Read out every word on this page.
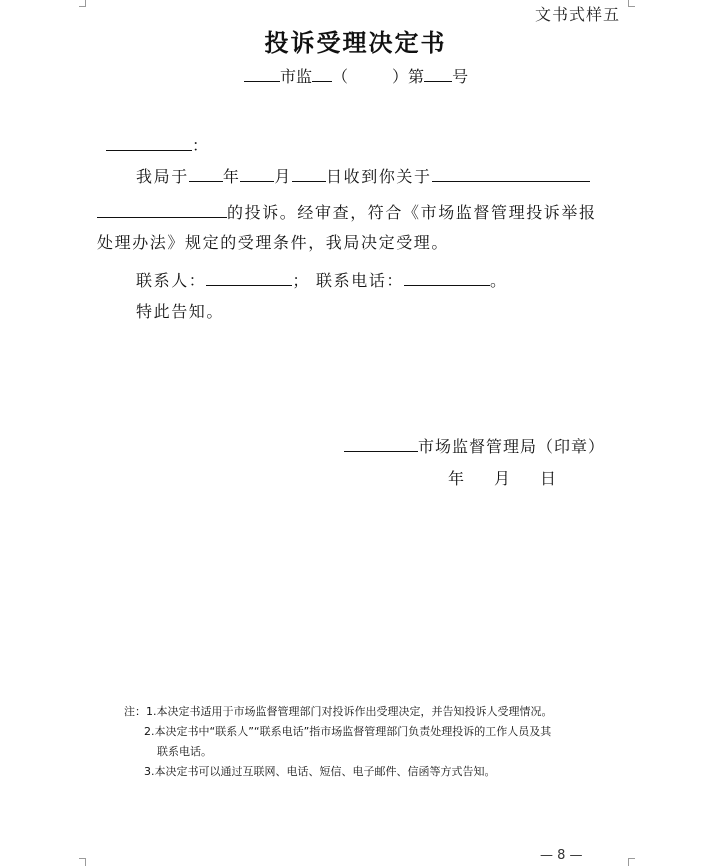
文书式样五
投诉受理决定书
市监 （	）第 号
：
我局于 年 月 日收到你关于
的投诉。经审查，符合《市场监督管理投诉举报
处理办法》规定的受理条件，我局决定受理。
联系人：	； 联系电话：	。
特此告知。
市场监督管理局（印章）
年 月 日
注：1.本决定书适用于市场监督管理部门对投诉作出受理决定，并告知投诉人受理情况。
2.本决定书中“联系人”“联系电话”指市场监督管理部门负责处理投诉的工作人员及其
联系电话。
3.本决定书可以通过互联网、电话、短信、电子邮件、信函等方式告知。
— 8 —
